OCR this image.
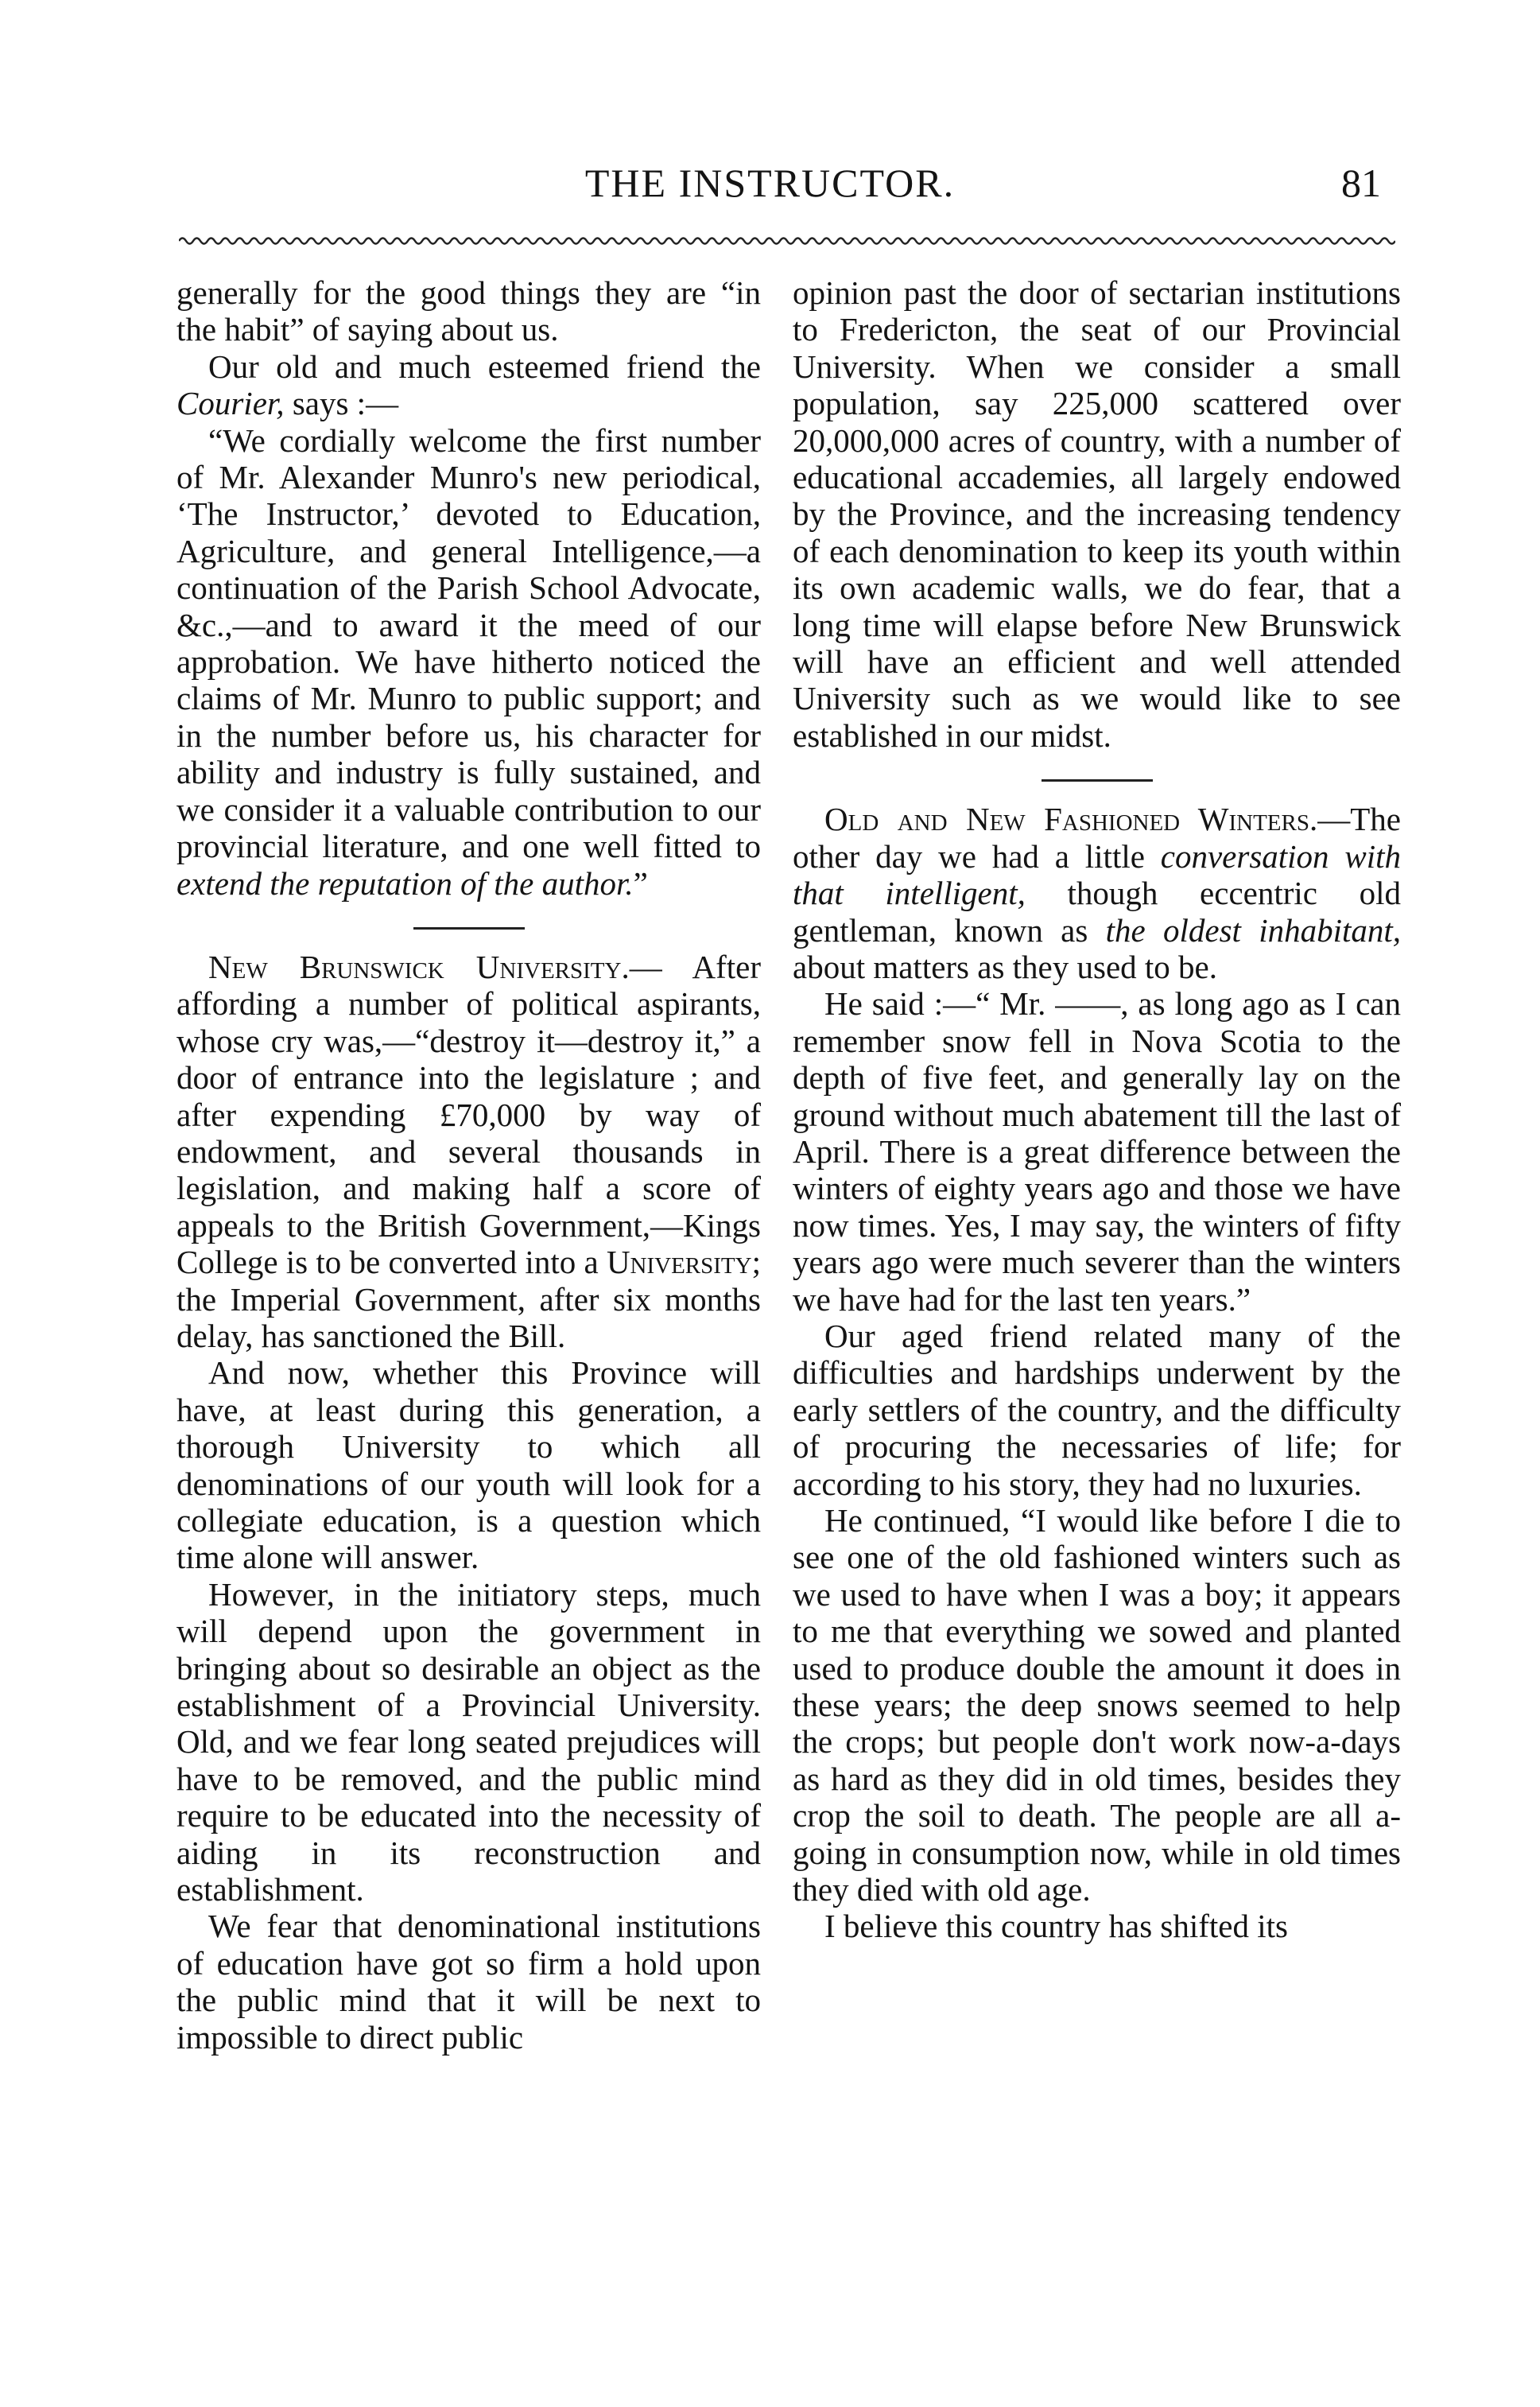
THE INSTRUCTOR.	81

generally for the good things they are “in the habit” of saying about us.

Our old and much esteemed friend the Courier, says :—

“We cordially welcome the first number of Mr. Alexander Munro's new periodical, ‘The Instructor,’ devoted to Education, Agriculture, and general Intelligence,—a continuation of the Parish School Advocate, &c.,—and to award it the meed of our approbation. We have hitherto noticed the claims of Mr. Munro to public support; and in the number before us, his character for ability and industry is fully sustained, and we consider it a valuable contribution to our provincial literature, and one well fitted to extend the reputation of the author.”

New Brunswick University.— After affording a number of political aspirants, whose cry was,—“destroy it—destroy it,” a door of entrance into the legislature ; and after expending £70,000 by way of endowment, and several thousands in legislation, and making half a score of appeals to the British Government,—Kings College is to be converted into a University; the Imperial Government, after six months delay, has sanctioned the Bill.

And now, whether this Province will have, at least during this generation, a thorough University to which all denominations of our youth will look for a collegiate education, is a question which time alone will answer.

However, in the initiatory steps, much will depend upon the government in bringing about so desirable an object as the establishment of a Provincial University. Old, and we fear long seated prejudices will have to be removed, and the public mind require to be educated into the necessity of aiding in its reconstruction and establishment.

We fear that denominational institutions of education have got so firm a hold upon the public mind that it will be next to impossible to direct public

opinion past the door of sectarian institutions to Fredericton, the seat of our Provincial University. When we consider a small population, say 225,000 scattered over 20,000,000 acres of country, with a number of educational accademies, all largely endowed by the Province, and the increasing tendency of each denomination to keep its youth within its own academic walls, we do fear, that a long time will elapse before New Brunswick will have an efficient and well attended University such as we would like to see established in our midst.

Old and New Fashioned Winters.—The other day we had a little conversation with that intelligent, though eccentric old gentleman, known as the oldest inhabitant, about matters as they used to be.

He said :—“ Mr. ——, as long ago as I can remember snow fell in Nova Scotia to the depth of five feet, and generally lay on the ground without much abatement till the last of April. There is a great difference between the winters of eighty years ago and those we have now times. Yes, I may say, the winters of fifty years ago were much severer than the winters we have had for the last ten years.”

Our aged friend related many of the difficulties and hardships underwent by the early settlers of the country, and the difficulty of procuring the necessaries of life; for according to his story, they had no luxuries.

He continued, “I would like before I die to see one of the old fashioned winters such as we used to have when I was a boy; it appears to me that everything we sowed and planted used to produce double the amount it does in these years; the deep snows seemed to help the crops; but people don't work now-a-days as hard as they did in old times, besides they crop the soil to death. The people are all a-going in consumption now, while in old times they died with old age.

I believe this country has shifted its
